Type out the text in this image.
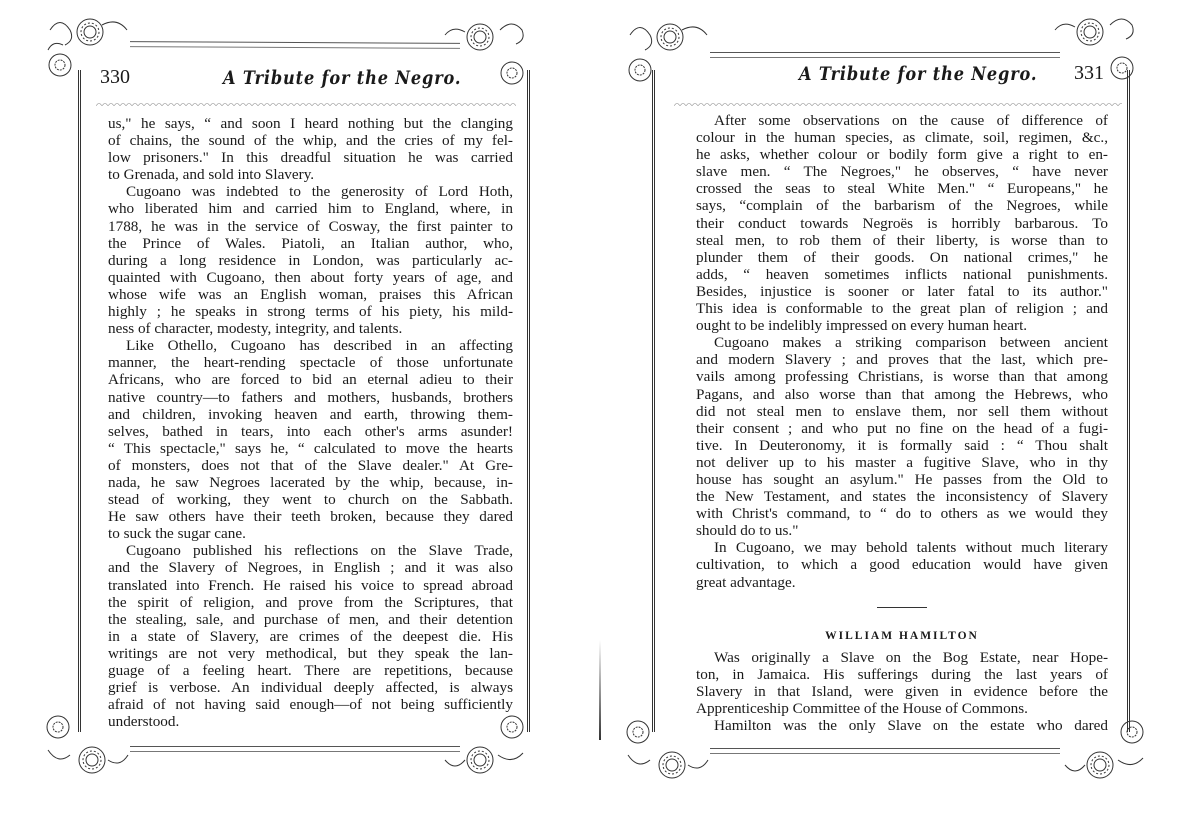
330	A Tribute for the Negro.
us," he says, “ and soon I heard nothing but the clanging
of chains, the sound of the whip, and the cries of my fel-
low prisoners." In this dreadful situation he was carried
to Grenada, and sold into Slavery.
Cugoano was indebted to the generosity of Lord Hoth,
who liberated him and carried him to England, where, in
1788, he was in the service of Cosway, the first painter to
the Prince of Wales. Piatoli, an Italian author, who,
during a long residence in London, was particularly ac-
quainted with Cugoano, then about forty years of age, and
whose wife was an English woman, praises this African
highly ; he speaks in strong terms of his piety, his mild-
ness of character, modesty, integrity, and talents.
Like Othello, Cugoano has described in an affecting
manner, the heart-rending spectacle of those unfortunate
Africans, who are forced to bid an eternal adieu to their
native country—to fathers and mothers, husbands, brothers
and children, invoking heaven and earth, throwing them-
selves, bathed in tears, into each other's arms asunder!
“ This spectacle," says he, “ calculated to move the hearts
of monsters, does not that of the Slave dealer." At Gre-
nada, he saw Negroes lacerated by the whip, because, in-
stead of working, they went to church on the Sabbath.
He saw others have their teeth broken, because they dared
to suck the sugar cane.
Cugoano published his reflections on the Slave Trade,
and the Slavery of Negroes, in English ; and it was also
translated into French. He raised his voice to spread abroad
the spirit of religion, and prove from the Scriptures, that
the stealing, sale, and purchase of men, and their detention
in a state of Slavery, are crimes of the deepest die. His
writings are not very methodical, but they speak the lan-
guage of a feeling heart. There are repetitions, because
grief is verbose. An individual deeply affected, is always
afraid of not having said enough—of not being sufficiently
understood.
A Tribute for the Negro. 331
After some observations on the cause of difference of
colour in the human species, as climate, soil, regimen, &c.,
he asks, whether colour or bodily form give a right to en-
slave men. “ The Negroes," he observes, “ have never
crossed the seas to steal White Men." “ Europeans," he
says, “complain of the barbarism of the Negroes, while
their conduct towards Negroës is horribly barbarous. To
steal men, to rob them of their liberty, is worse than to
plunder them of their goods. On national crimes," he
adds, “ heaven sometimes inflicts national punishments.
Besides, injustice is sooner or later fatal to its author."
This idea is conformable to the great plan of religion ; and
ought to be indelibly impressed on every human heart.
Cugoano makes a striking comparison between ancient
and modern Slavery ; and proves that the last, which pre-
vails among professing Christians, is worse than that among
Pagans, and also worse than that among the Hebrews, who
did not steal men to enslave them, nor sell them without
their consent ; and who put no fine on the head of a fugi-
tive. In Deuteronomy, it is formally said : “ Thou shalt
not deliver up to his master a fugitive Slave, who in thy
house has sought an asylum." He passes from the Old to
the New Testament, and states the inconsistency of Slavery
with Christ's command, to “ do to others as we would they
should do to us."
In Cugoano, we may behold talents without much literary
cultivation, to which a good education would have given
great advantage.
WILLIAM HAMILTON
Was originally a Slave on the Bog Estate, near Hope-
ton, in Jamaica. His sufferings during the last years of
Slavery in that Island, were given in evidence before the
Apprenticeship Committee of the House of Commons.
Hamilton was the only Slave on the estate who dared
